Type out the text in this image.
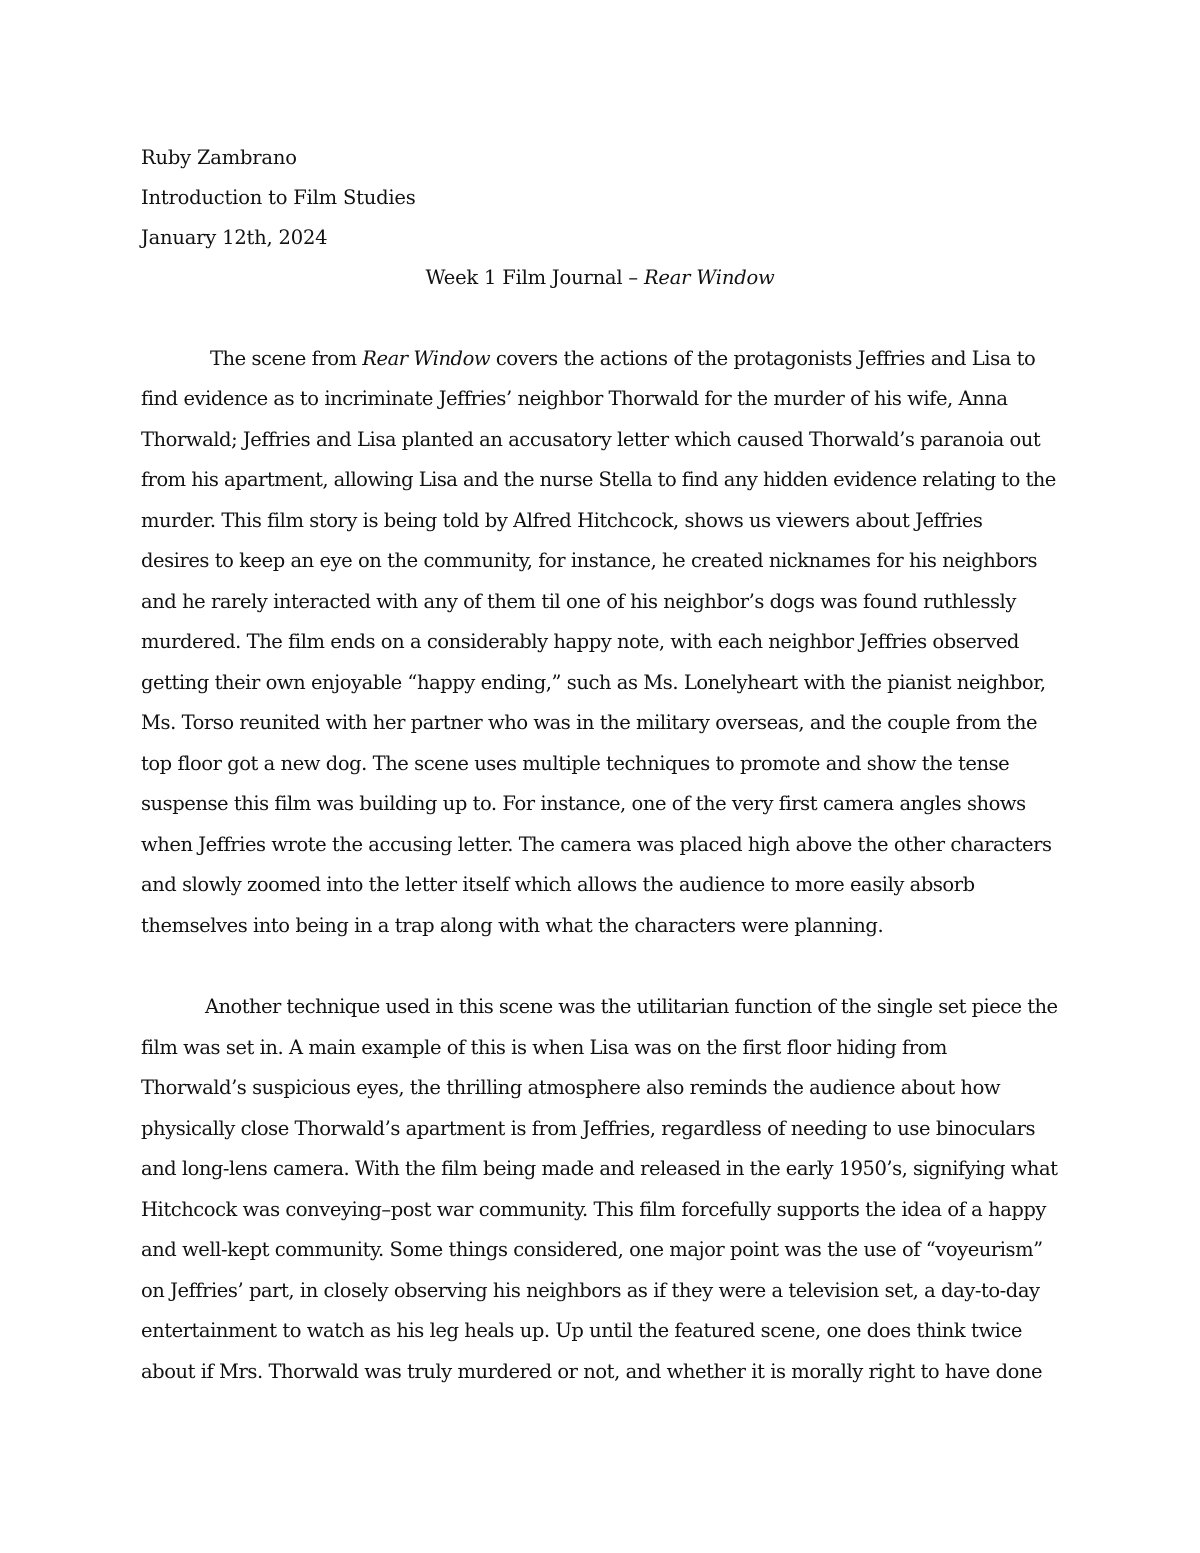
Ruby Zambrano
Introduction to Film Studies
January 12th, 2024
Week 1 Film Journal – Rear Window
The scene from Rear Window covers the actions of the protagonists Jeffries and Lisa to
find evidence as to incriminate Jeffries’ neighbor Thorwald for the murder of his wife, Anna
Thorwald; Jeffries and Lisa planted an accusatory letter which caused Thorwald’s paranoia out
from his apartment, allowing Lisa and the nurse Stella to find any hidden evidence relating to the
murder. This film story is being told by Alfred Hitchcock, shows us viewers about Jeffries
desires to keep an eye on the community, for instance, he created nicknames for his neighbors
and he rarely interacted with any of them til one of his neighbor’s dogs was found ruthlessly
murdered. The film ends on a considerably happy note, with each neighbor Jeffries observed
getting their own enjoyable “happy ending,” such as Ms. Lonelyheart with the pianist neighbor,
Ms. Torso reunited with her partner who was in the military overseas, and the couple from the
top floor got a new dog. The scene uses multiple techniques to promote and show the tense
suspense this film was building up to. For instance, one of the very first camera angles shows
when Jeffries wrote the accusing letter. The camera was placed high above the other characters
and slowly zoomed into the letter itself which allows the audience to more easily absorb
themselves into being in a trap along with what the characters were planning.
Another technique used in this scene was the utilitarian function of the single set piece the
film was set in. A main example of this is when Lisa was on the first floor hiding from
Thorwald’s suspicious eyes, the thrilling atmosphere also reminds the audience about how
physically close Thorwald’s apartment is from Jeffries, regardless of needing to use binoculars
and long-lens camera. With the film being made and released in the early 1950’s, signifying what
Hitchcock was conveying–post war community. This film forcefully supports the idea of a happy
and well-kept community. Some things considered, one major point was the use of “voyeurism”
on Jeffries’ part, in closely observing his neighbors as if they were a television set, a day-to-day
entertainment to watch as his leg heals up. Up until the featured scene, one does think twice
about if Mrs. Thorwald was truly murdered or not, and whether it is morally right to have done
